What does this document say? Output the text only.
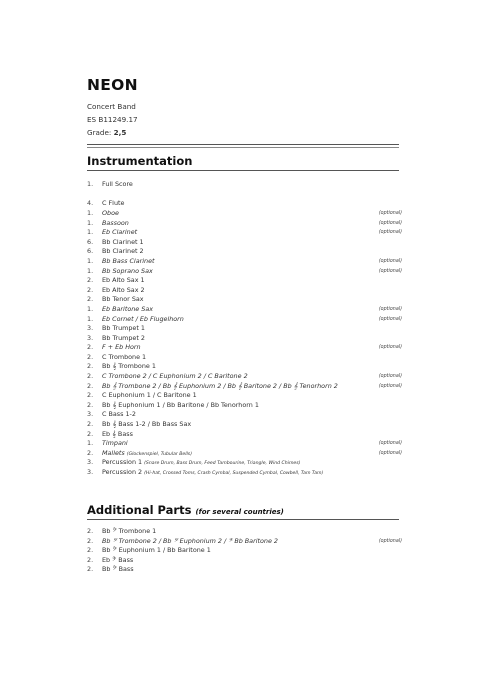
NEON
Concert Band
ES B11249.17
Grade: 2,5
Instrumentation
1.	Full Score
4.	C Flute
1.	Oboe	(optional)
1.	Bassoon	(optional)
1.	Eb Clarinet	(optional)
6.	Bb Clarinet 1
6.	Bb Clarinet 2
1.	Bb Bass Clarinet	(optional)
1.	Bb Soprano Sax	(optional)
2.	Eb Alto Sax 1
2.	Eb Alto Sax 2
2.	Bb Tenor Sax
1.	Eb Baritone Sax	(optional)
1.	Eb Cornet / Eb Flugelhorn	(optional)
3.	Bb Trumpet 1
3.	Bb Trumpet 2
2.	F + Eb Horn	(optional)
2.	C Trombone 1
2.	Bb 𝄞 Trombone 1
2.	C Trombone 2 / C Euphonium 2 / C Baritone 2	(optional)
2.	Bb 𝄞 Trombone 2 / Bb 𝄞 Euphonium 2 / Bb 𝄞 Baritone 2 / Bb 𝄞 Tenorhorn 2	(optional)
2.	C Euphonium 1 / C Baritone 1
2.	Bb 𝄞 Euphonium 1 / Bb Baritone / Bb Tenorhorn 1
3.	C Bass 1-2
2.	Bb 𝄞 Bass 1-2 / Bb Bass Sax
2.	Eb 𝄞 Bass
1.	Timpani	(optional)
2.	Mallets (Glockenspiel, Tubular Bells)	(optional)
3.	Percussion 1 (Snare Drum, Bass Drum, Feed Tambourine, Triangle, Wind Chimes)
3.	Percussion 2 (Hi-hat, Crossed Toms, Crash Cymbal, Suspended Cymbal, Cowbell, Tam Tam)
Additional Parts (for several countries)
2.	Bb 𝄢 Trombone 1
2.	Bb 𝄢 Trombone 2 / Bb 𝄢 Euphonium 2 / 𝄢 Bb Baritone 2	(optional)
2.	Bb 𝄢 Euphonium 1 / Bb Baritone 1
2.	Eb 𝄢 Bass
2.	Bb 𝄢 Bass
